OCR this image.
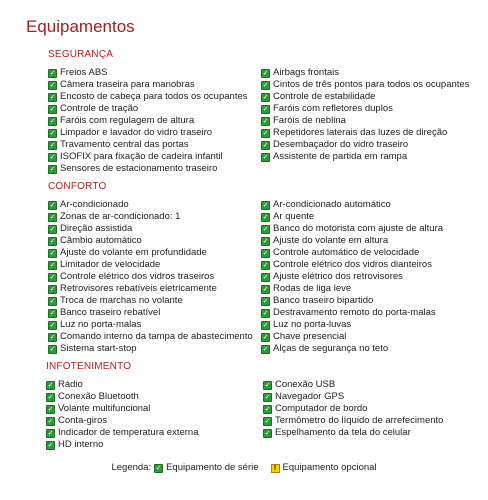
Equipamentos
SEGURANÇA
✓ Freios ABS
✓ Câmera traseira para manobras
✓ Encosto de cabeça para todos os ocupantes
✓ Controle de tração
✓ Faróis com regulagem de altura
✓ Limpador e lavador do vidro traseiro
✓ Travamento central das portas
✓ ISOFIX para fixação de cadeira infantil
✓ Sensores de estacionamento traseiro
✓ Airbags frontais
✓ Cintos de três pontos para todos os ocupantes
✓ Controle de estabilidade
✓ Faróis com refletores duplos
✓ Faróis de neblina
✓ Repetidores laterais das luzes de direção
✓ Desembaçador do vidro traseiro
✓ Assistente de partida em rampa
CONFORTO
✓ Ar-condicionado
✓ Zonas de ar-condicionado: 1
✓ Direção assistida
✓ Câmbio automático
✓ Ajuste do volante em profundidade
✓ Limitador de velocidade
✓ Controle elétrico dos vidros traseiros
✓ Retrovisores rebatíveis eletricamente
✓ Troca de marchas no volante
✓ Banco traseiro rebatível
✓ Luz no porta-malas
✓ Comando interno da tampa de abastecimento
✓ Sistema start-stop
✓ Ar-condicionado automático
✓ Ar quente
✓ Banco do motorista com ajuste de altura
✓ Ajuste do volante em altura
✓ Controle automático de velocidade
✓ Controle elétrico dos vidros dianteiros
✓ Ajuste elétrico dos retrovisores
✓ Rodas de liga leve
✓ Banco traseiro bipartido
✓ Destravamento remoto do porta-malas
✓ Luz no porta-luvas
✓ Chave presencial
✓ Alças de segurança no teto
INFOTENIMENTO
✓ Rádio
✓ Conexão Bluetooth
✓ Volante multifuncional
✓ Conta-giros
✓ Indicador de temperatura externa
✓ HD interno
✓ Conexão USB
✓ Navegador GPS
✓ Computador de bordo
✓ Termômetro do líquido de arrefecimento
✓ Espelhamento da tela do celular
Legenda: ✓ Equipamento de série	! Equipamento opcional
